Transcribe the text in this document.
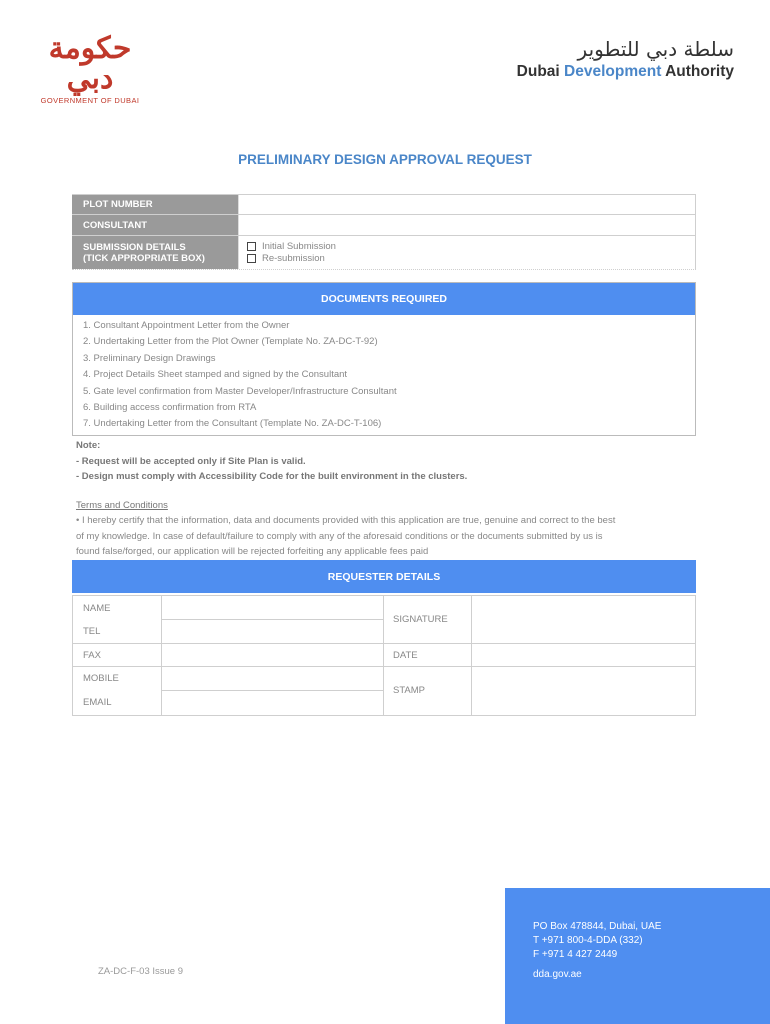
حكومة دبي
GOVERNMENT OF DUBAI
سلطة دبي للتطوير
Dubai Development Authority
PRELIMINARY DESIGN APPROVAL REQUEST
PLOT NUMBER
CONSULTANT
SUBMISSION DETAILS
(TICK APPROPRIATE BOX)
Initial Submission
Re-submission
DOCUMENTS REQUIRED
1. Consultant Appointment Letter from the Owner
2. Undertaking Letter from the Plot Owner (Template No. ZA-DC-T-92)
3. Preliminary Design Drawings
4. Project Details Sheet stamped and signed by the Consultant
5. Gate level confirmation from Master Developer/Infrastructure Consultant
6. Building access confirmation from RTA
7. Undertaking Letter from the Consultant (Template No. ZA-DC-T-106)
Note:
- Request will be accepted only if Site Plan is valid.
- Design must comply with Accessibility Code for the built environment in the clusters.
Terms and Conditions
• I hereby certify that the information, data and documents provided with this application are true, genuine and correct to the best
of my knowledge. In case of default/failure to comply with any of the aforesaid conditions or the documents submitted by us is
found false/forged, our application will be rejected forfeiting any applicable fees paid
REQUESTER DETAILS
NAME
TEL
FAX
MOBILE
EMAIL
SIGNATURE
DATE
STAMP
ZA-DC-F-03 Issue 9
PO Box 478844, Dubai, UAE
T +971 800-4-DDA (332)
F +971 4 427 2449
dda.gov.ae
